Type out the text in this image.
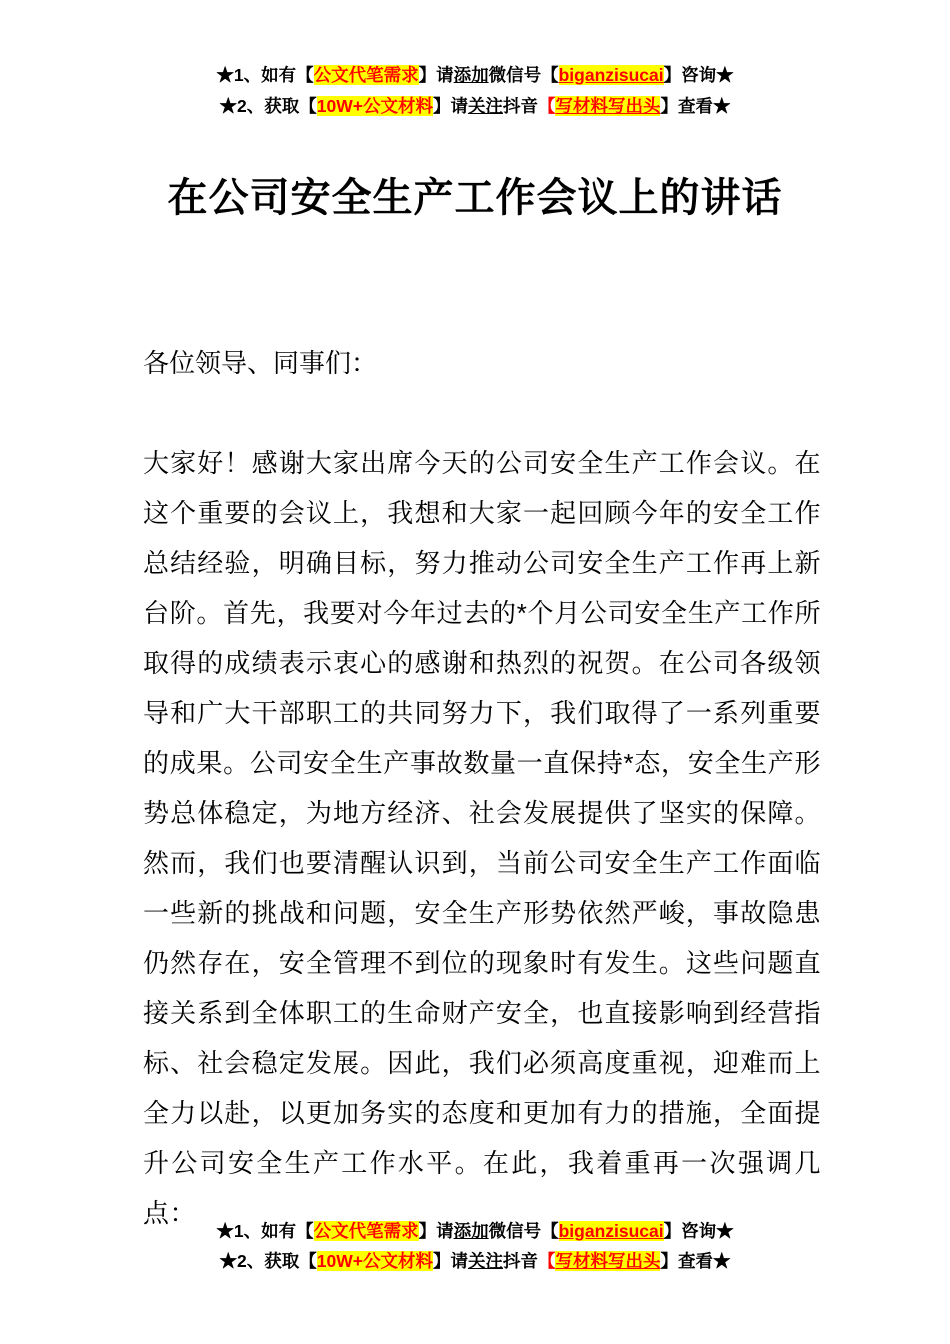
★1、如有【公文代笔需求】请添加微信号【biganzisucai】咨询★
★2、获取【10W+公文材料】请关注抖音【写材料写出头】查看★
在公司安全生产工作会议上的讲话
各位领导、同事们：
大家好！感谢大家出席今天的公司安全生产工作会议。在这个重要的会议上，我想和大家一起回顾今年的安全工作总结经验，明确目标，努力推动公司安全生产工作再上新台阶。首先，我要对今年过去的*个月公司安全生产工作所取得的成绩表示衷心的感谢和热烈的祝贺。在公司各级领导和广大干部职工的共同努力下，我们取得了一系列重要的成果。公司安全生产事故数量一直保持*态，安全生产形势总体稳定，为地方经济、社会发展提供了坚实的保障。然而，我们也要清醒认识到，当前公司安全生产工作面临一些新的挑战和问题，安全生产形势依然严峻，事故隐患仍然存在，安全管理不到位的现象时有发生。这些问题直接关系到全体职工的生命财产安全，也直接影响到经营指标、社会稳定发展。因此，我们必须高度重视，迎难而上全力以赴，以更加务实的态度和更加有力的措施，全面提升公司安全生产工作水平。在此，我着重再一次强调几点：
★1、如有【公文代笔需求】请添加微信号【biganzisucai】咨询★
★2、获取【10W+公文材料】请关注抖音【写材料写出头】查看★
